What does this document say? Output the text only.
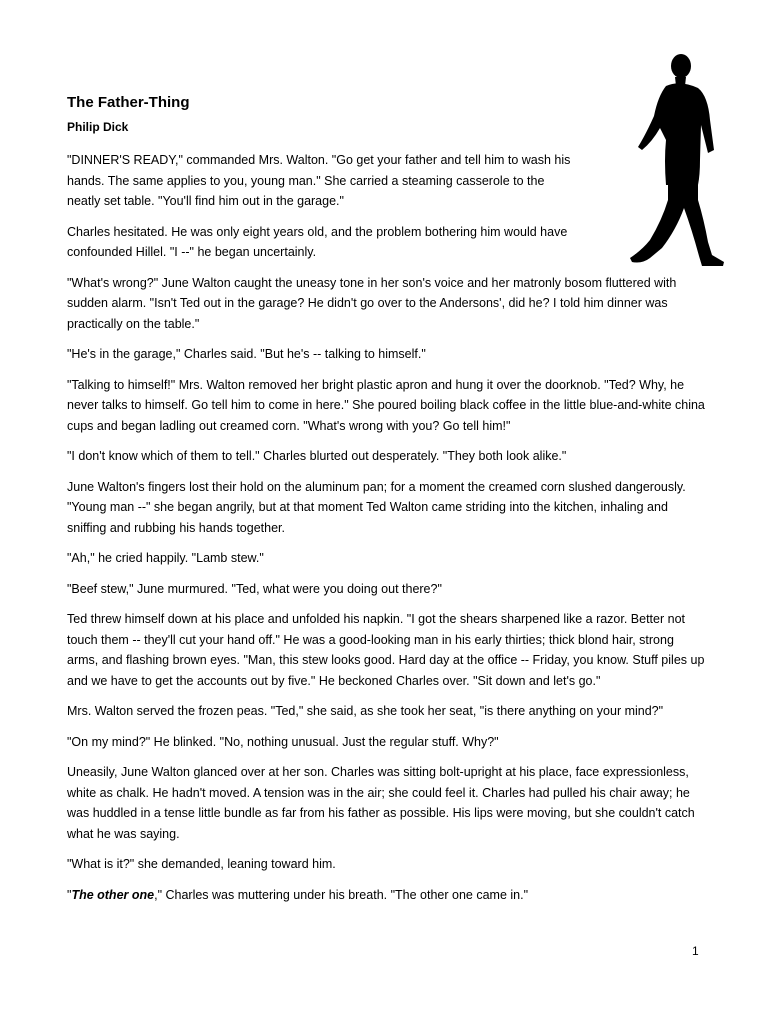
The Father-Thing
Philip Dick

"DINNER'S READY," commanded Mrs. Walton. "Go get your father and tell him to wash his hands. The same applies to you, young man." She carried a steaming casserole to the neatly set table. "You'll find him out in the garage."

Charles hesitated. He was only eight years old, and the problem bothering him would have confounded Hillel. "I --" he began uncertainly.

"What's wrong?" June Walton caught the uneasy tone in her son's voice and her matronly bosom fluttered with sudden alarm. "Isn't Ted out in the garage? He didn't go over to the Andersons', did he? I told him dinner was practically on the table."

"He's in the garage," Charles said. "But he's -- talking to himself."

"Talking to himself!" Mrs. Walton removed her bright plastic apron and hung it over the doorknob. "Ted? Why, he never talks to himself. Go tell him to come in here." She poured boiling black coffee in the little blue-and-white china cups and began ladling out creamed corn. "What's wrong with you? Go tell him!"

"I don't know which of them to tell." Charles blurted out desperately. "They both look alike."

June Walton's fingers lost their hold on the aluminum pan; for a moment the creamed corn slushed dangerously. "Young man --" she began angrily, but at that moment Ted Walton came striding into the kitchen, inhaling and sniffing and rubbing his hands together.

"Ah," he cried happily. "Lamb stew."

"Beef stew," June murmured. "Ted, what were you doing out there?"

Ted threw himself down at his place and unfolded his napkin. "I got the shears sharpened like a razor. Better not touch them -- they'll cut your hand off." He was a good-looking man in his early thirties; thick blond hair, strong arms, and flashing brown eyes. "Man, this stew looks good. Hard day at the office -- Friday, you know. Stuff piles up and we have to get the accounts out by five." He beckoned Charles over. "Sit down and let's go."

Mrs. Walton served the frozen peas. "Ted," she said, as she took her seat, "is there anything on your mind?"

"On my mind?" He blinked. "No, nothing unusual. Just the regular stuff. Why?"

Uneasily, June Walton glanced over at her son. Charles was sitting bolt-upright at his place, face expressionless, white as chalk. He hadn't moved. A tension was in the air; she could feel it. Charles had pulled his chair away; he was huddled in a tense little bundle as far from his father as possible. His lips were moving, but she couldn't catch what he was saying.

"What is it?" she demanded, leaning toward him.

"The other one," Charles was muttering under his breath. "The other one came in."

1
